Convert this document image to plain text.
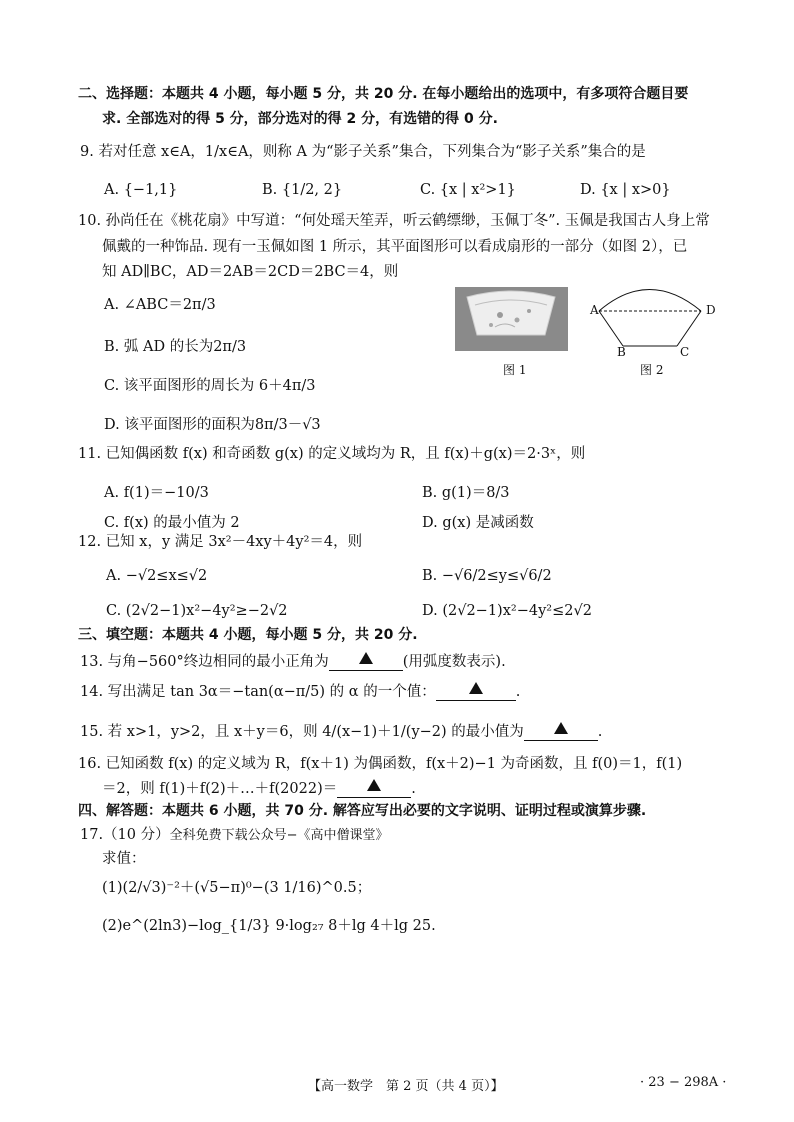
二、选择题：本题共 4 小题，每小题 5 分，共 20 分. 在每小题给出的选项中，有多项符合题目要
求. 全部选对的得 5 分，部分选对的得 2 分，有选错的得 0 分.
9. 若对任意 x∈A，1/x∈A，则称 A 为“影子关系”集合，下列集合为“影子关系”集合的是
A. {−1,1}	B. {1/2, 2}	C. {x | x²>1}	D. {x | x>0}
10. 孙尚任在《桃花扇》中写道：“何处瑶天笙弄，听云鹤缥缈，玉佩丁冬”. 玉佩是我国古人身上常
佩戴的一种饰品. 现有一玉佩如图 1 所示，其平面图形可以看成扇形的一部分（如图 2），已
知 AD∥BC，AD＝2AB＝2CD＝2BC＝4，则
A. ∠ABC＝2π/3
B. 弧 AD 的长为2π/3
C. 该平面图形的周长为 6＋4π/3
D. 该平面图形的面积为8π/3－√3
图 1
A	D
B	C
图 2
11. 已知偶函数 f(x) 和奇函数 g(x) 的定义域均为 R，且 f(x)＋g(x)＝2·3ˣ，则
A. f(1)＝−10/3	B. g(1)＝8/3
C. f(x) 的最小值为 2	D. g(x) 是减函数
12. 已知 x，y 满足 3x²－4xy＋4y²＝4，则
A. −√2≤x≤√2	B. −√6/2≤y≤√6/2
C. (2√2−1)x²−4y²≥−2√2	D. (2√2−1)x²−4y²≤2√2
三、填空题：本题共 4 小题，每小题 5 分，共 20 分.
13. 与角−560°终边相同的最小正角为	(用弧度数表示).
14. 写出满足 tan 3α＝−tan(α−π/5) 的 α 的一个值：	.
15. 若 x>1，y>2，且 x＋y＝6，则 4/(x−1)＋1/(y−2) 的最小值为	.
16. 已知函数 f(x) 的定义域为 R，f(x＋1) 为偶函数，f(x＋2)−1 为奇函数，且 f(0)＝1，f(1)
＝2，则 f(1)＋f(2)＋…＋f(2022)＝	.
四、解答题：本题共 6 小题，共 70 分. 解答应写出必要的文字说明、证明过程或演算步骤.
17.（10 分）全科免费下载公众号−《高中僧课堂》
求值：
(1)(2/√3)⁻²＋(√5−π)⁰−(3 1/16)^0.5；
(2)e^(2ln3)−log_{1/3} 9·log₂₇ 8＋lg 4＋lg 25.
【高一数学　第 2 页（共 4 页）】	· 23 − 298A ·
